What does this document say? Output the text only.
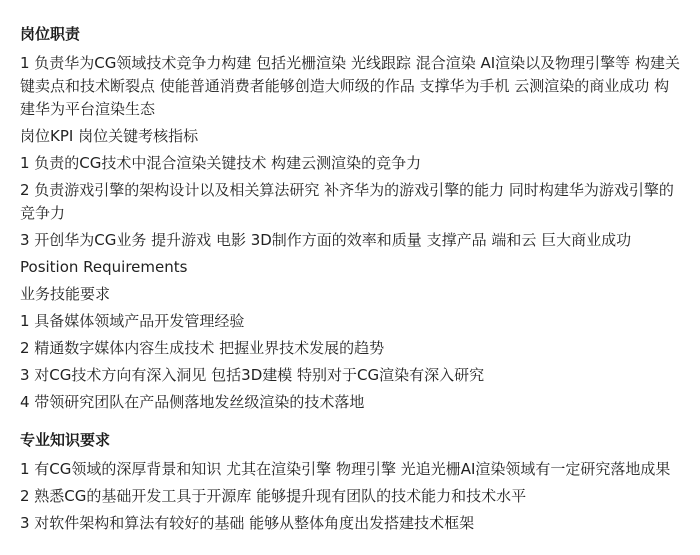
岗位职责

1 负责华为CG领域技术竞争力构建 包括光栅渲染 光线跟踪 混合渲染 AI渲染以及物理引擎等 构建关键卖点和技术断裂点 使能普通消费者能够创造大师级的作品 支撑华为手机 云测渲染的商业成功 构建华为平台渲染生态

岗位KPI 岗位关键考核指标

1 负责的CG技术中混合渲染关键技术 构建云测渲染的竞争力

2 负责游戏引擎的架构设计以及相关算法研究 补齐华为的游戏引擎的能力 同时构建华为游戏引擎的竞争力

3 开创华为CG业务 提升游戏 电影 3D制作方面的效率和质量 支撑产品 端和云 巨大商业成功

Position Requirements

业务技能要求

1 具备媒体领域产品开发管理经验

2 精通数字媒体内容生成技术 把握业界技术发展的趋势

3 对CG技术方向有深入洞见 包括3D建模 特别对于CG渲染有深入研究

4 带领研究团队在产品侧落地发丝级渲染的技术落地

专业知识要求

1 有CG领域的深厚背景和知识 尤其在渲染引擎 物理引擎 光追光栅AI渲染领域有一定研究落地成果

2 熟悉CG的基础开发工具于开源库 能够提升现有团队的技术能力和技术水平

3 对软件架构和算法有较好的基础 能够从整体角度出发搭建技术框架
